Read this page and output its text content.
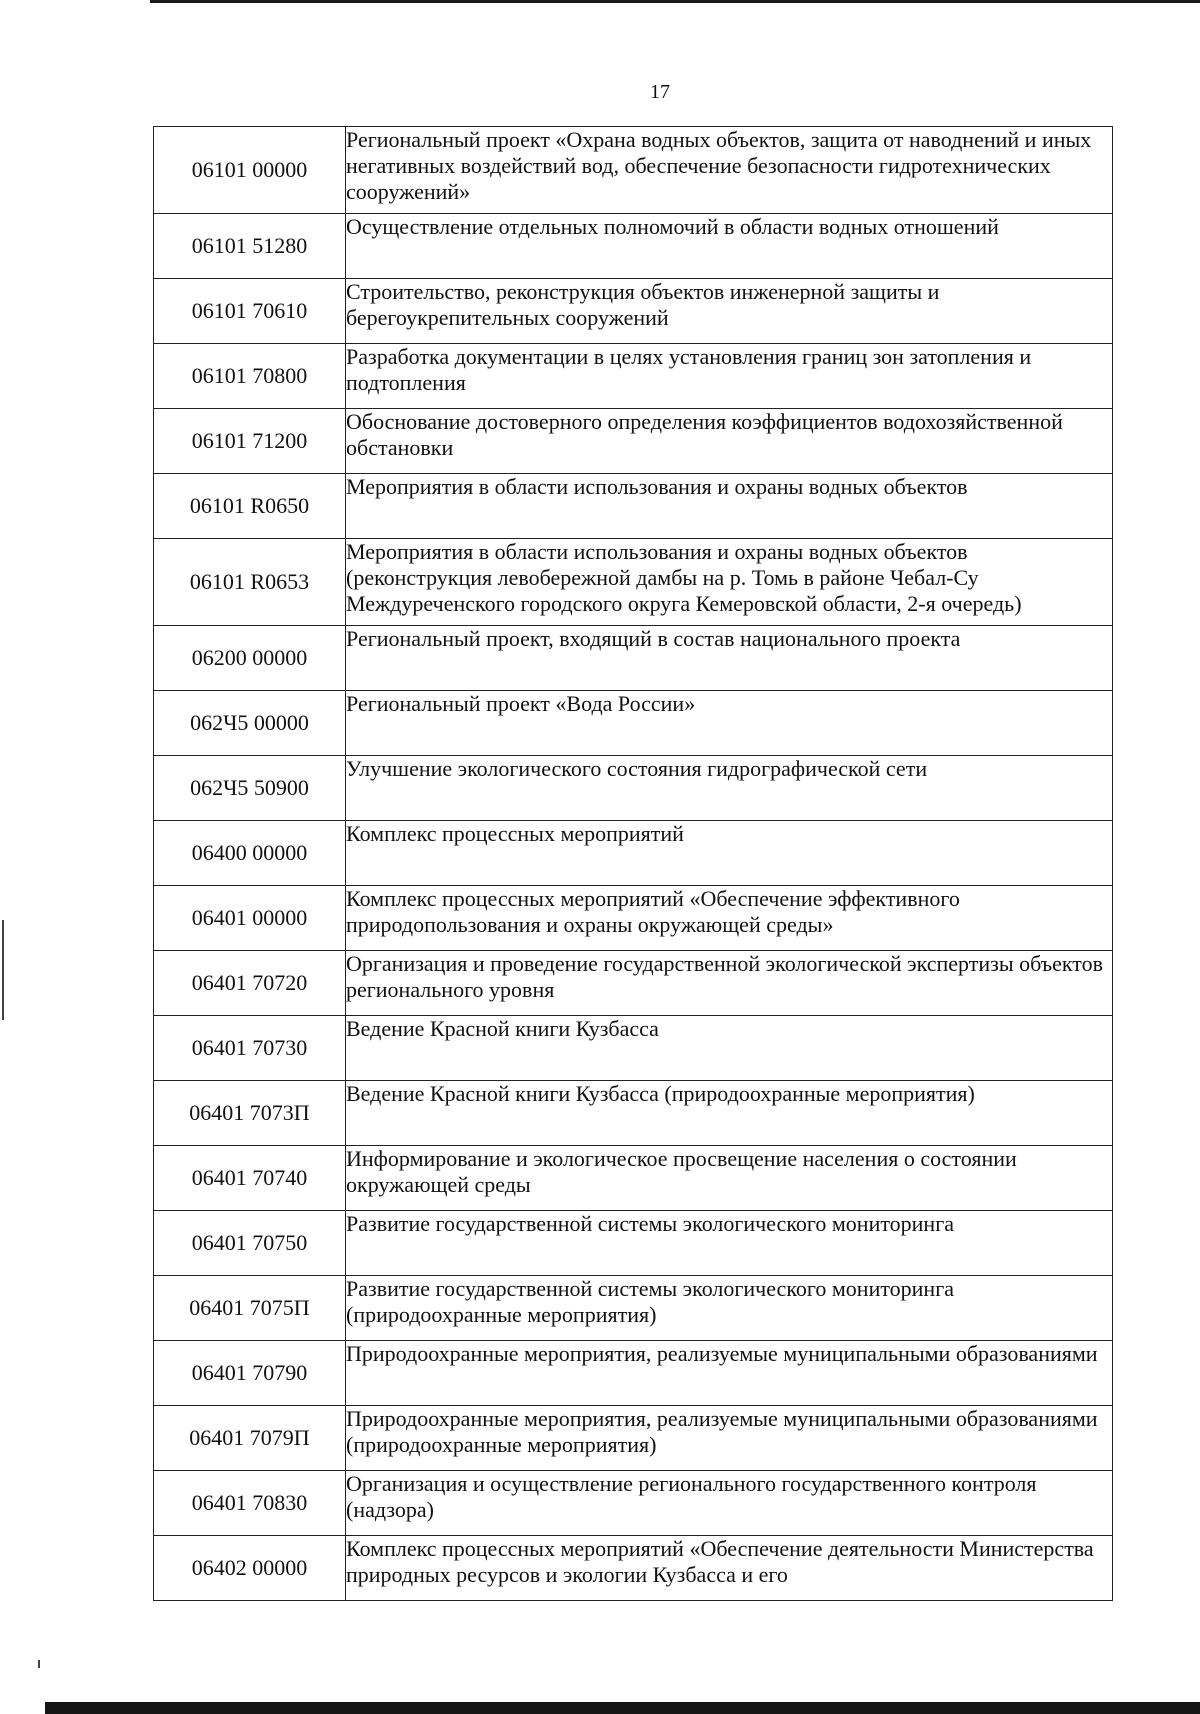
17
06101 00000	Региональный проект «Охрана водных объектов, защита от наводнений и иных негативных воздействий вод, обеспечение безопасности гидротехнических сооружений»
06101 51280	Осуществление отдельных полномочий в области водных отношений
06101 70610	Строительство, реконструкция объектов инженерной защиты и берегоукрепительных сооружений
06101 70800	Разработка документации в целях установления границ зон затопления и подтопления
06101 71200	Обоснование достоверного определения коэффициентов водохозяйственной обстановки
06101 R0650	Мероприятия в области использования и охраны водных объектов
06101 R0653	Мероприятия в области использования и охраны водных объектов (реконструкция левобережной дамбы на р. Томь в районе Чебал-Су Междуреченского городского округа Кемеровской области, 2-я очередь)
06200 00000	Региональный проект, входящий в состав национального проекта
062Ч5 00000	Региональный проект «Вода России»
062Ч5 50900	Улучшение экологического состояния гидрографической сети
06400 00000	Комплекс процессных мероприятий
06401 00000	Комплекс процессных мероприятий «Обеспечение эффективного природопользования и охраны окружающей среды»
06401 70720	Организация и проведение государственной экологической экспертизы объектов регионального уровня
06401 70730	Ведение Красной книги Кузбасса
06401 7073П	Ведение Красной книги Кузбасса (природоохранные мероприятия)
06401 70740	Информирование и экологическое просвещение населения о состоянии окружающей среды
06401 70750	Развитие государственной системы экологического мониторинга
06401 7075П	Развитие государственной системы экологического мониторинга (природоохранные мероприятия)
06401 70790	Природоохранные мероприятия, реализуемые муниципальными образованиями
06401 7079П	Природоохранные мероприятия, реализуемые муниципальными образованиями (природоохранные мероприятия)
06401 70830	Организация и осуществление регионального государственного контроля (надзора)
06402 00000	Комплекс процессных мероприятий «Обеспечение деятельности Министерства природных ресурсов и экологии Кузбасса и его
